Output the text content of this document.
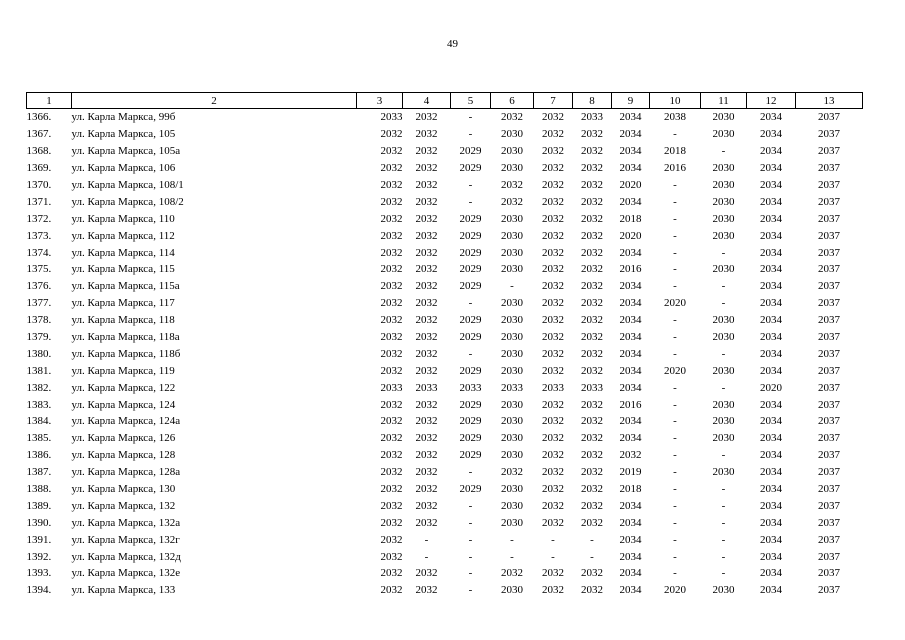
49
1	2	3	4	5	6	7	8	9	10	11	12	13
1366.	ул. Карла Маркса, 99б	2033	2032	-	2032	2032	2033	2034	2038	2030	2034	2037
1367.	ул. Карла Маркса, 105	2032	2032	-	2030	2032	2032	2034	-	2030	2034	2037
1368.	ул. Карла Маркса, 105а	2032	2032	2029	2030	2032	2032	2034	2018	-	2034	2037
1369.	ул. Карла Маркса, 106	2032	2032	2029	2030	2032	2032	2034	2016	2030	2034	2037
1370.	ул. Карла Маркса, 108/1	2032	2032	-	2032	2032	2032	2020	-	2030	2034	2037
1371.	ул. Карла Маркса, 108/2	2032	2032	-	2032	2032	2032	2034	-	2030	2034	2037
1372.	ул. Карла Маркса, 110	2032	2032	2029	2030	2032	2032	2018	-	2030	2034	2037
1373.	ул. Карла Маркса, 112	2032	2032	2029	2030	2032	2032	2020	-	2030	2034	2037
1374.	ул. Карла Маркса, 114	2032	2032	2029	2030	2032	2032	2034	-	-	2034	2037
1375.	ул. Карла Маркса, 115	2032	2032	2029	2030	2032	2032	2016	-	2030	2034	2037
1376.	ул. Карла Маркса, 115а	2032	2032	2029	-	2032	2032	2034	-	-	2034	2037
1377.	ул. Карла Маркса, 117	2032	2032	-	2030	2032	2032	2034	2020	-	2034	2037
1378.	ул. Карла Маркса, 118	2032	2032	2029	2030	2032	2032	2034	-	2030	2034	2037
1379.	ул. Карла Маркса, 118а	2032	2032	2029	2030	2032	2032	2034	-	2030	2034	2037
1380.	ул. Карла Маркса, 118б	2032	2032	-	2030	2032	2032	2034	-	-	2034	2037
1381.	ул. Карла Маркса, 119	2032	2032	2029	2030	2032	2032	2034	2020	2030	2034	2037
1382.	ул. Карла Маркса, 122	2033	2033	2033	2033	2033	2033	2034	-	-	2020	2037
1383.	ул. Карла Маркса, 124	2032	2032	2029	2030	2032	2032	2016	-	2030	2034	2037
1384.	ул. Карла Маркса, 124а	2032	2032	2029	2030	2032	2032	2034	-	2030	2034	2037
1385.	ул. Карла Маркса, 126	2032	2032	2029	2030	2032	2032	2034	-	2030	2034	2037
1386.	ул. Карла Маркса, 128	2032	2032	2029	2030	2032	2032	2032	-	-	2034	2037
1387.	ул. Карла Маркса, 128а	2032	2032	-	2032	2032	2032	2019	-	2030	2034	2037
1388.	ул. Карла Маркса, 130	2032	2032	2029	2030	2032	2032	2018	-	-	2034	2037
1389.	ул. Карла Маркса, 132	2032	2032	-	2030	2032	2032	2034	-	-	2034	2037
1390.	ул. Карла Маркса, 132а	2032	2032	-	2030	2032	2032	2034	-	-	2034	2037
1391.	ул. Карла Маркса, 132г	2032	-	-	-	-	-	2034	-	-	2034	2037
1392.	ул. Карла Маркса, 132д	2032	-	-	-	-	-	2034	-	-	2034	2037
1393.	ул. Карла Маркса, 132е	2032	2032	-	2032	2032	2032	2034	-	-	2034	2037
1394.	ул. Карла Маркса, 133	2032	2032	-	2030	2032	2032	2034	2020	2030	2034	2037
